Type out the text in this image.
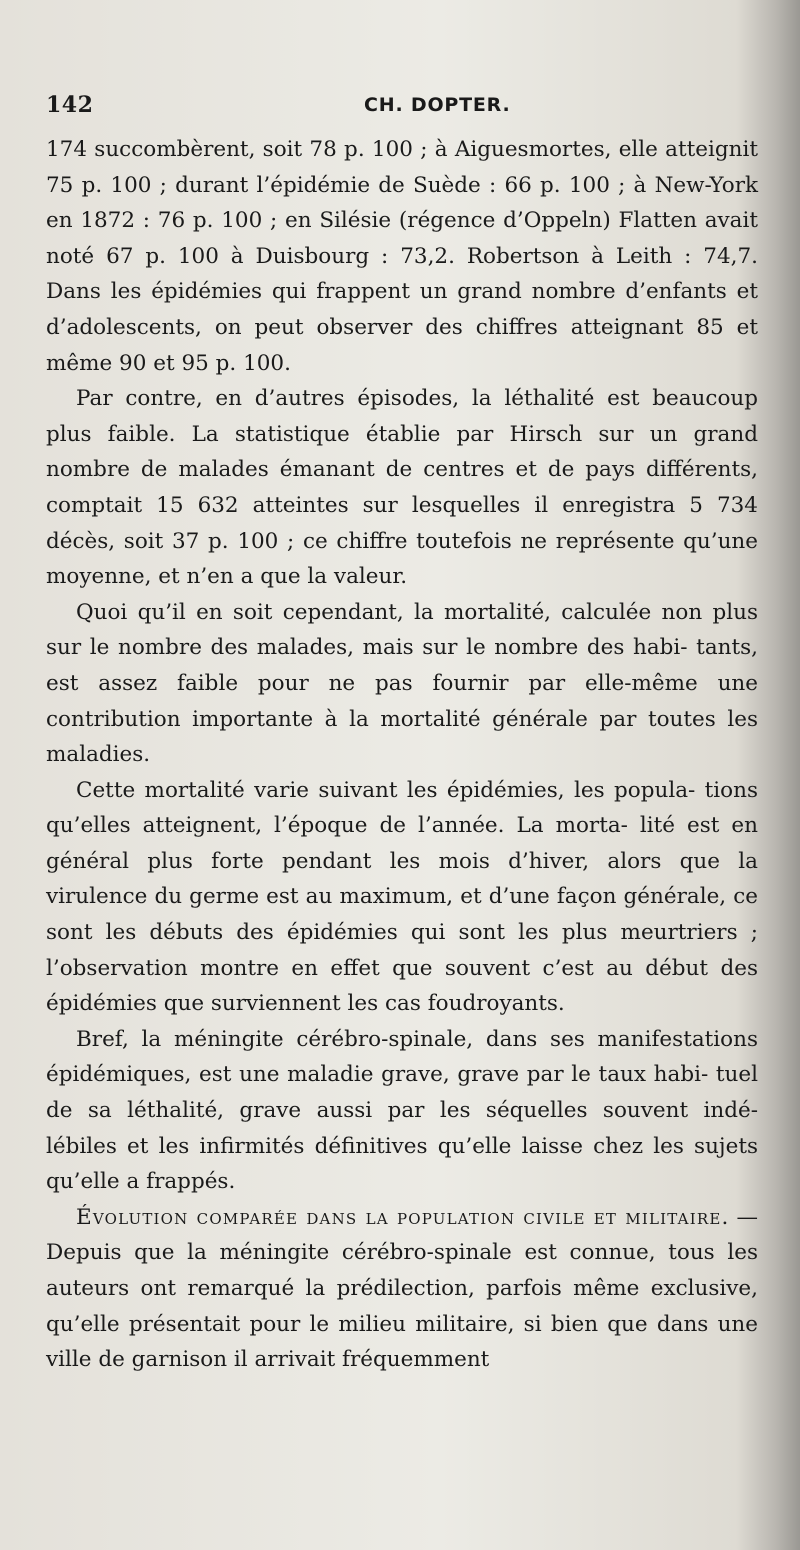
142	CH. DOPTER.

174 succombèrent, soit 78 p. 100 ; à Aiguesmortes, elle atteignit 75 p. 100 ; durant l’épidémie de Suède : 66 p. 100 ; à New-York en 1872 : 76 p. 100 ; en Silésie (régence d’Oppeln) Flatten avait noté 67 p. 100 à Duisbourg : 73,2. Robertson à Leith : 74,7. Dans les épidémies qui frappent un grand nombre d’enfants et d’adolescents, on peut observer des chiffres atteignant 85 et même 90 et 95 p. 100.

Par contre, en d’autres épisodes, la léthalité est beaucoup plus faible. La statistique établie par Hirsch sur un grand nombre de malades émanant de centres et de pays différents, comptait 15 632 atteintes sur lesquelles il enregistra 5 734 décès, soit 37 p. 100 ; ce chiffre toutefois ne représente qu’une moyenne, et n’en a que la valeur.

Quoi qu’il en soit cependant, la mortalité, calculée non plus sur le nombre des malades, mais sur le nombre des habi- tants, est assez faible pour ne pas fournir par elle-même une contribution importante à la mortalité générale par toutes les maladies.

Cette mortalité varie suivant les épidémies, les popula- tions qu’elles atteignent, l’époque de l’année. La morta- lité est en général plus forte pendant les mois d’hiver, alors que la virulence du germe est au maximum, et d’une façon générale, ce sont les débuts des épidémies qui sont les plus meurtriers ; l’observation montre en effet que souvent c’est au début des épidémies que surviennent les cas foudroyants.

Bref, la méningite cérébro-spinale, dans ses manifestations épidémiques, est une maladie grave, grave par le taux habi- tuel de sa léthalité, grave aussi par les séquelles souvent indé- lébiles et les infirmités définitives qu’elle laisse chez les sujets qu’elle a frappés.

Évolution comparée dans la population civile et militaire. — Depuis que la méningite cérébro-spinale est connue, tous les auteurs ont remarqué la prédilection, parfois même exclusive, qu’elle présentait pour le milieu militaire, si bien que dans une ville de garnison il arrivait fréquemment
